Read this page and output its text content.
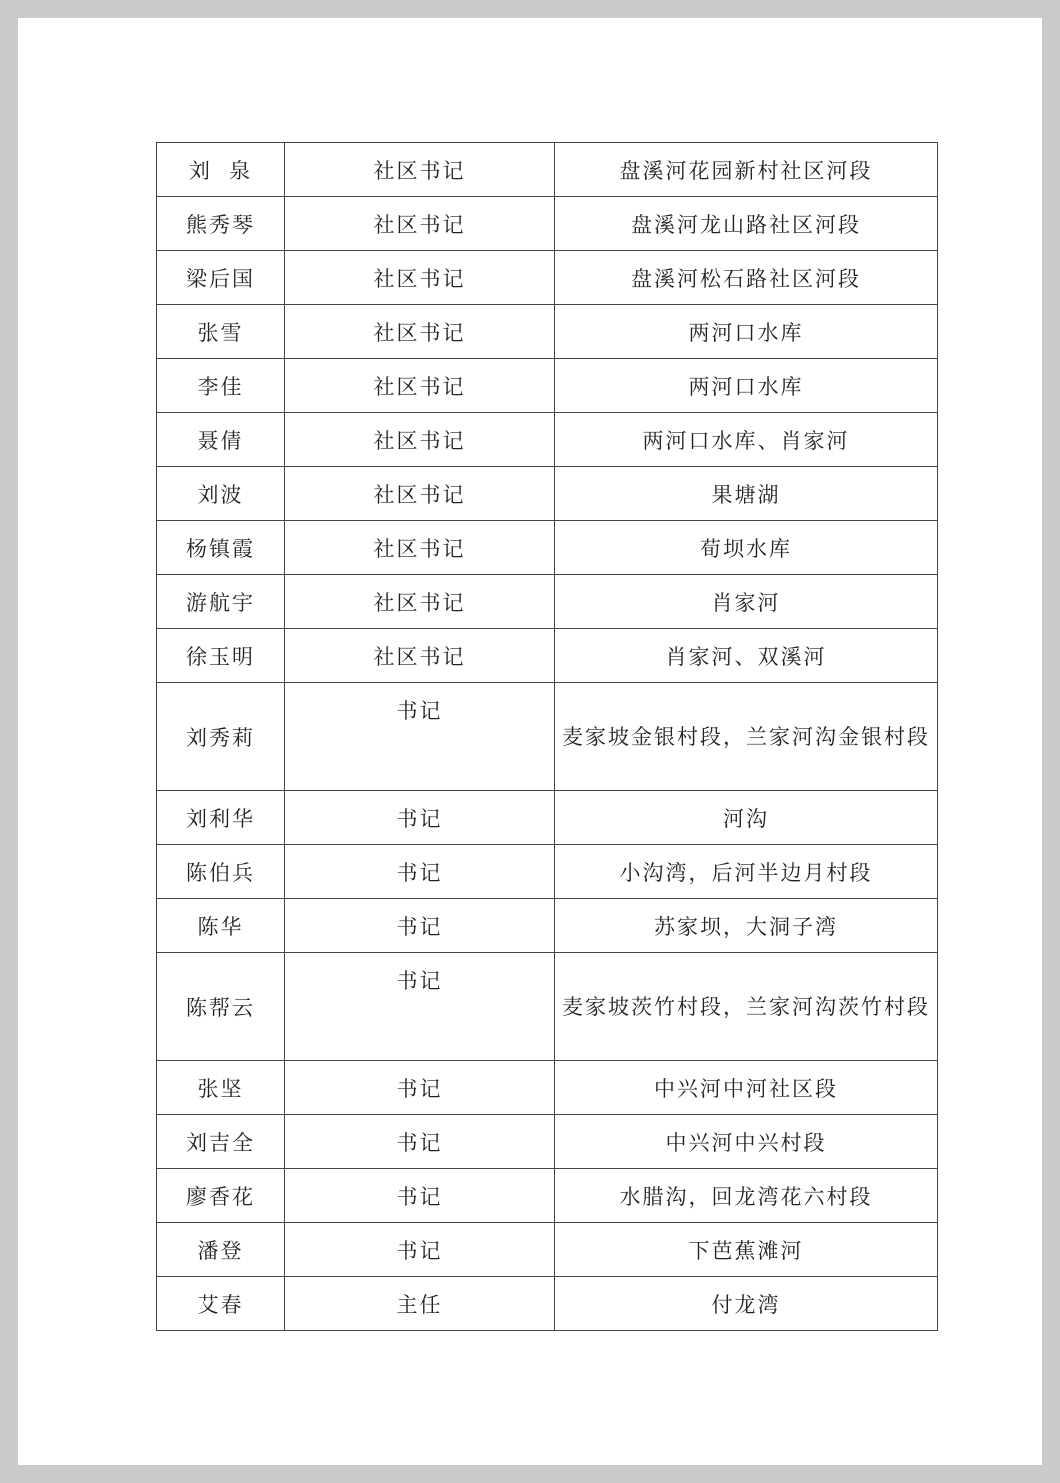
刘  泉	社区书记	盘溪河花园新村社区河段
熊秀琴	社区书记	盘溪河龙山路社区河段
梁后国	社区书记	盘溪河松石路社区河段
张雪	社区书记	两河口水库
李佳	社区书记	两河口水库
聂倩	社区书记	两河口水库、肖家河
刘波	社区书记	果塘湖
杨镇霞	社区书记	荀坝水库
游航宇	社区书记	肖家河
徐玉明	社区书记	肖家河、双溪河
刘秀莉	书记	麦家坡金银村段，兰家河沟金银村段
刘利华	书记	河沟
陈伯兵	书记	小沟湾，后河半边月村段
陈华	书记	苏家坝，大洞子湾
陈帮云	书记	麦家坡茨竹村段，兰家河沟茨竹村段
张坚	书记	中兴河中河社区段
刘吉全	书记	中兴河中兴村段
廖香花	书记	水腊沟，回龙湾花六村段
潘登	书记	下芭蕉滩河
艾春	主任	付龙湾
